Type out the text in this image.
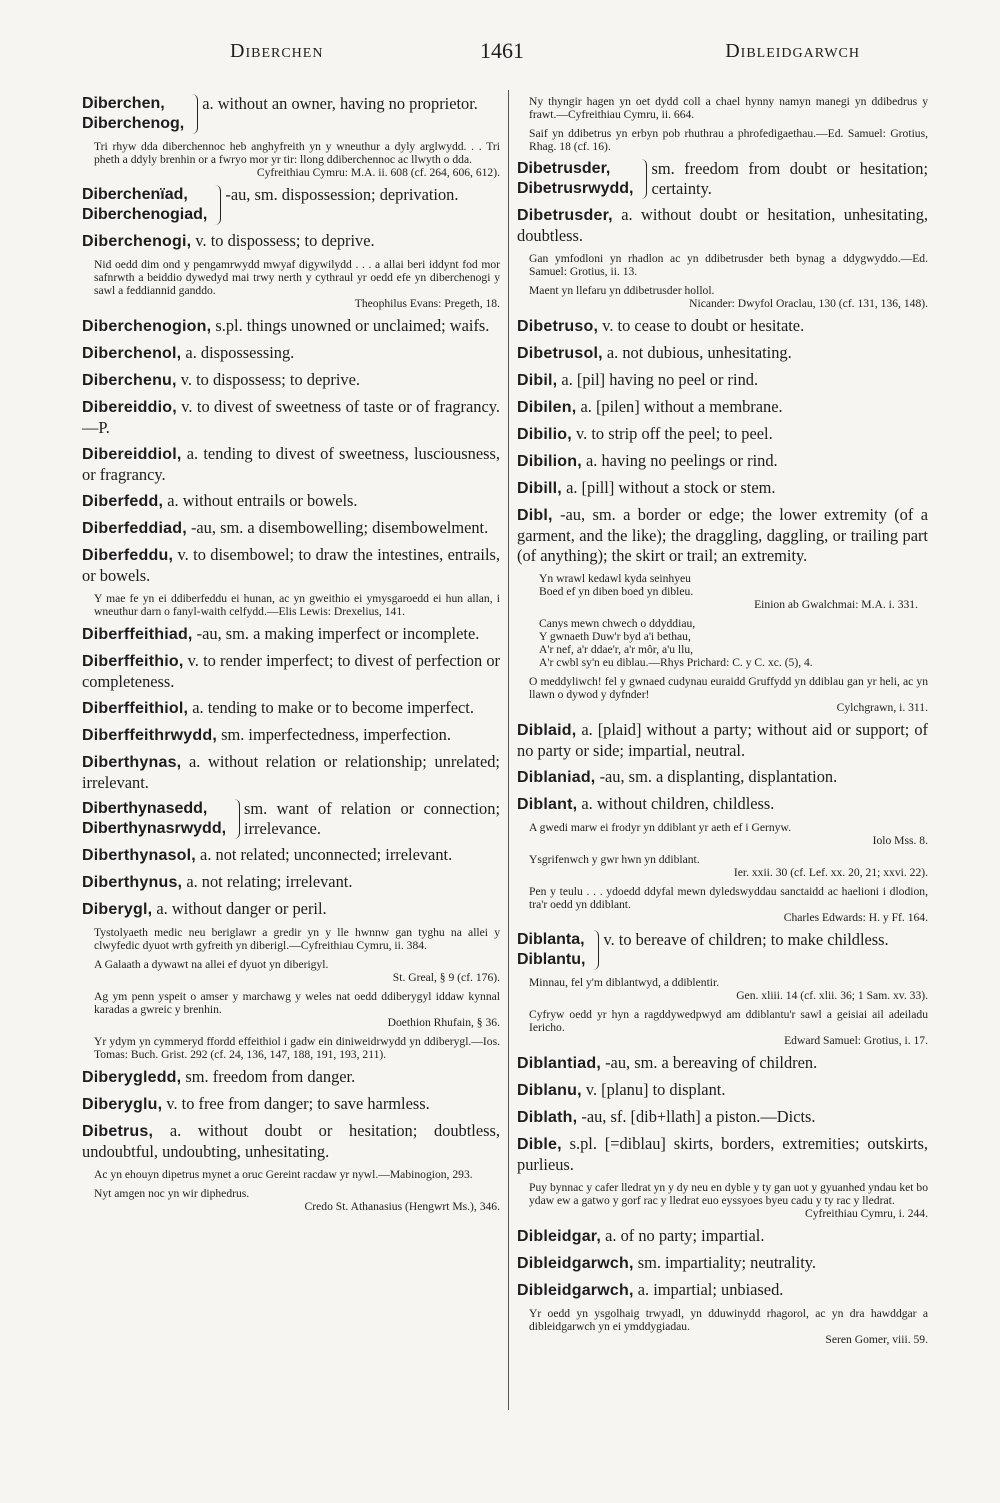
Diberchen	1461	Dibleidgarwch
Diberchen,
Diberchenog,
a. without an owner, having no proprietor.
Tri rhyw dda diberchennoc heb anghyfreith yn y wneuthur a dyly arglwydd. . . Tri pheth a ddyly brenhin or a fwryo mor yr tir: llong ddiberchennoc ac llwyth o dda.
Cyfreithiau Cymru: M.A. ii. 608 (cf. 264, 606, 612).
Diberchenïad,
Diberchenogiad,
-au, sm. dispossession; deprivation.
Diberchenogi, v. to dispossess; to deprive.
Nid oedd dim ond y pengamrwydd mwyaf digywilydd . . . a allai beri iddynt fod mor safnrwth a beiddio dywedyd mai trwy nerth y cythraul yr oedd efe yn diberchenogi y sawl a feddiannid ganddo.
Theophilus Evans: Pregeth, 18.
Diberchenogion, s.pl. things unowned or unclaimed; waifs.
Diberchenol, a. dispossessing.
Diberchenu, v. to dispossess; to deprive.
Dibereiddio, v. to divest of sweetness of taste or of fragrancy.—P.
Dibereiddiol, a. tending to divest of sweetness, lusciousness, or fragrancy.
Diberfedd, a. without entrails or bowels.
Diberfeddiad, -au, sm. a disembowelling; disembowelment.
Diberfeddu, v. to disembowel; to draw the intestines, entrails, or bowels.
Y mae fe yn ei ddiberfeddu ei hunan, ac yn gweithio ei ymysgaroedd ei hun allan, i wneuthur darn o fanyl-waith celfydd.—Elis Lewis: Drexelius, 141.
Diberffeithiad, -au, sm. a making imperfect or incomplete.
Diberffeithio, v. to render imperfect; to divest of perfection or completeness.
Diberffeithiol, a. tending to make or to become imperfect.
Diberffeithrwydd, sm. imperfectedness, imperfection.
Diberthynas, a. without relation or relationship; unrelated; irrelevant.
Diberthynasedd,
Diberthynasrwydd,
sm. want of relation or connection; irrelevance.
Diberthynasol, a. not related; unconnected; irrelevant.
Diberthynus, a. not relating; irrelevant.
Diberygl, a. without danger or peril.
Tystolyaeth medic neu beriglawr a gredir yn y lle hwnnw gan tyghu na allei y clwyfedic dyuot wrth gyfreith yn diberigl.—Cyfreithiau Cymru, ii. 384.
A Galaath a dywawt na allei ef dyuot yn diberigyl.
St. Greal, § 9 (cf. 176).
Ag ym penn yspeit o amser y marchawg y weles nat oedd ddiberygyl iddaw kynnal karadas a gwreic y brenhin.
Doethion Rhufain, § 36.
Yr ydym yn cymmeryd ffordd effeithiol i gadw ein diniweidrwydd yn ddiberygl.—Ios. Tomas: Buch. Grist. 292 (cf. 24, 136, 147, 188, 191, 193, 211).
Diberygledd, sm. freedom from danger.
Diberyglu, v. to free from danger; to save harmless.
Dibetrus, a. without doubt or hesitation; doubtless, undoubtful, undoubting, unhesitating.
Ac yn ehouyn dipetrus mynet a oruc Gereint racdaw yr nywl.—Mabinogion, 293.
Nyt amgen noc yn wir diphedrus.
Credo St. Athanasius (Hengwrt Ms.), 346.
Ny thyngir hagen yn oet dydd coll a chael hynny namyn manegi yn ddibedrus y frawt.—Cyfreithiau Cymru, ii. 664.
Saif yn ddibetrus yn erbyn pob rhuthrau a phrofedigaethau.—Ed. Samuel: Grotius, Rhag. 18 (cf. 16).
Dibetrusder,
Dibetrusrwydd,
sm. freedom from doubt or hesitation; certainty.
Dibetrusder, a. without doubt or hesitation, unhesitating, doubtless.
Gan ymfodloni yn rhadlon ac yn ddibetrusder beth bynag a ddygwyddo.—Ed. Samuel: Grotius, ii. 13.
Maent yn llefaru yn ddibetrusder hollol.
Nicander: Dwyfol Oraclau, 130 (cf. 131, 136, 148).
Dibetruso, v. to cease to doubt or hesitate.
Dibetrusol, a. not dubious, unhesitating.
Dibil, a. [pil] having no peel or rind.
Dibilen, a. [pilen] without a membrane.
Dibilio, v. to strip off the peel; to peel.
Dibilion, a. having no peelings or rind.
Dibill, a. [pill] without a stock or stem.
Dibl, -au, sm. a border or edge; the lower extremity (of a garment, and the like); the draggling, daggling, or trailing part (of anything); the skirt or trail; an extremity.
Yn wrawl kedawl kyda seinhyeu
Boed ef yn diben boed yn dibleu.
Einion ab Gwalchmai: M.A. i. 331.
Canys mewn chwech o ddyddiau,
Y gwnaeth Duw'r byd a'i bethau,
A'r nef, a'r ddae'r, a'r môr, a'u llu,
A'r cwbl sy'n eu diblau.—Rhys Prichard: C. y C. xc. (5), 4.
O meddyliwch! fel y gwnaed cudynau euraidd Gruffydd yn ddiblau gan yr heli, ac yn llawn o dywod y dyfnder!
Cylchgrawn, i. 311.
Diblaid, a. [plaid] without a party; without aid or support; of no party or side; impartial, neutral.
Diblaniad, -au, sm. a displanting, displantation.
Diblant, a. without children, childless.
A gwedi marw ei frodyr yn ddiblant yr aeth ef i Gernyw.
Iolo Mss. 8.
Ysgrifenwch y gwr hwn yn ddiblant.
Ier. xxii. 30 (cf. Lef. xx. 20, 21; xxvi. 22).
Pen y teulu . . . ydoedd ddyfal mewn dyledswyddau sanctaidd ac haelioni i dlodion, tra'r oedd yn ddiblant.
Charles Edwards: H. y Ff. 164.
Diblanta,
Diblantu,
v. to bereave of children; to make childless.
Minnau, fel y'm diblantwyd, a ddiblentir.
Gen. xliii. 14 (cf. xlii. 36; 1 Sam. xv. 33).
Cyfryw oedd yr hyn a ragddywedpwyd am ddiblantu'r sawl a geisiai ail adeiladu Iericho.
Edward Samuel: Grotius, i. 17.
Diblantiad, -au, sm. a bereaving of children.
Diblanu, v. [planu] to displant.
Diblath, -au, sf. [dib+llath] a piston.—Dicts.
Dible, s.pl. [=diblau] skirts, borders, extremities; outskirts, purlieus.
Puy bynnac y cafer lledrat yn y dy neu en dyble y ty gan uot y gyuanhed yndau ket bo ydaw ew a gatwo y gorf rac y lledrat euo eyssyoes byeu cadu y ty rac y lledrat.
Cyfreithiau Cymru, i. 244.
Dibleidgar, a. of no party; impartial.
Dibleidgarwch, sm. impartiality; neutrality.
Dibleidgarwch, a. impartial; unbiased.
Yr oedd yn ysgolhaig trwyadl, yn dduwinydd rhagorol, ac yn dra hawddgar a dibleidgarwch yn ei ymddygiadau.
Seren Gomer, viii. 59.
